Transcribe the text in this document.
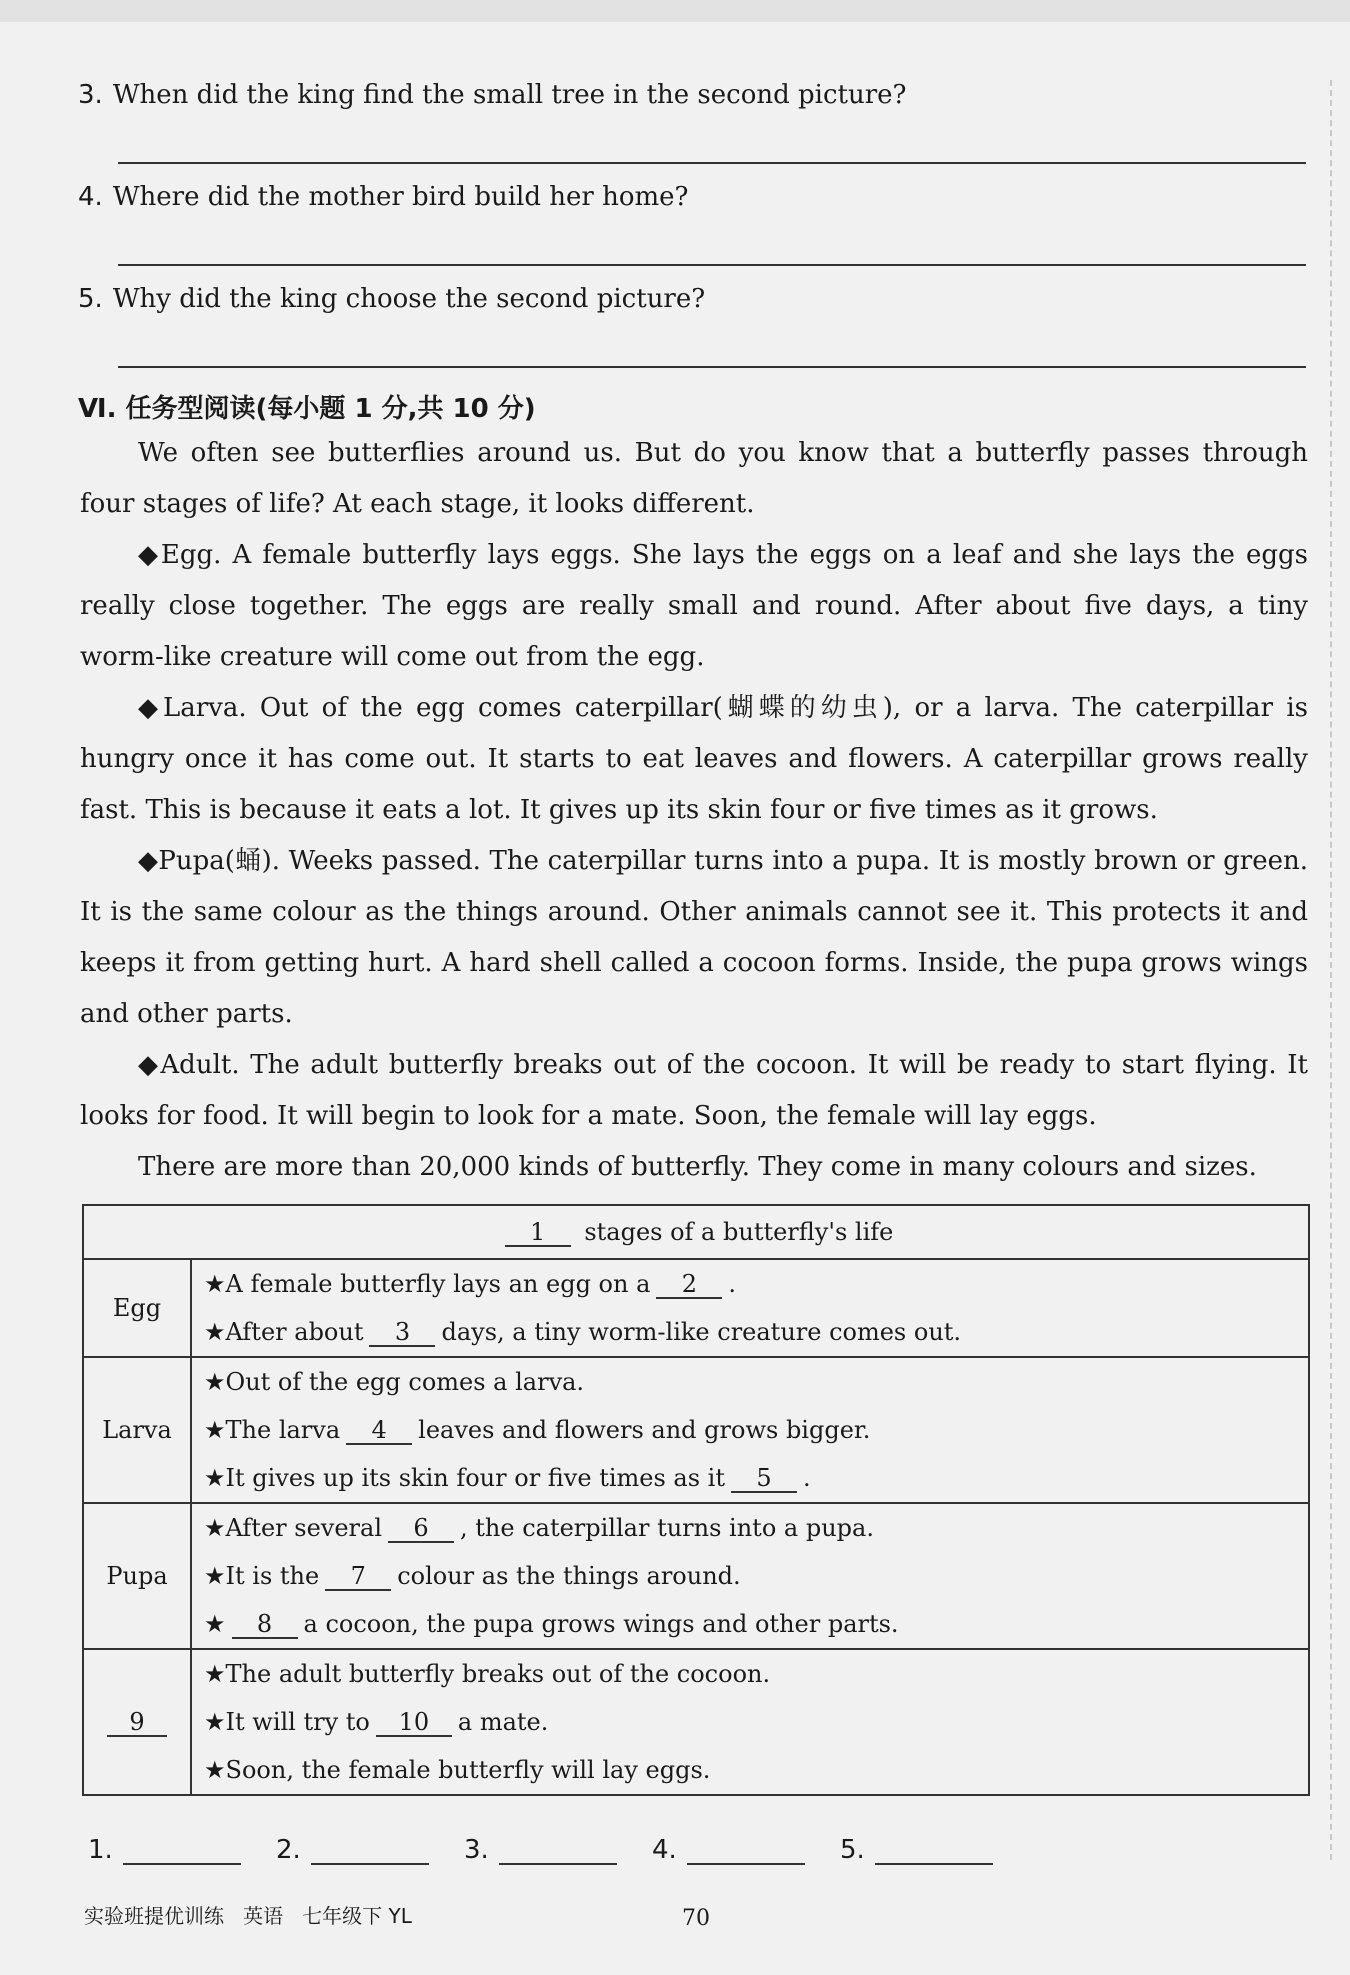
3. When did the king find the small tree in the second picture?
4. Where did the mother bird build her home?
5. Why did the king choose the second picture?
Ⅵ. 任务型阅读(每小题 1 分,共 10 分)

We often see butterflies around us. But do you know that a butterfly passes through four stages of life? At each stage, it looks different.

◆Egg. A female butterfly lays eggs. She lays the eggs on a leaf and she lays the eggs really close together. The eggs are really small and round. After about five days, a tiny worm-like creature will come out from the egg.

◆Larva. Out of the egg comes caterpillar(蝴蝶的幼虫), or a larva. The caterpillar is hungry once it has come out. It starts to eat leaves and flowers. A caterpillar grows really fast. This is because it eats a lot. It gives up its skin four or five times as it grows.

◆Pupa(蛹). Weeks passed. The caterpillar turns into a pupa. It is mostly brown or green. It is the same colour as the things around. Other animals cannot see it. This protects it and keeps it from getting hurt. A hard shell called a cocoon forms. Inside, the pupa grows wings and other parts.

◆Adult. The adult butterfly breaks out of the cocoon. It will be ready to start flying. It looks for food. It will begin to look for a mate. Soon, the female will lay eggs.

There are more than 20,000 kinds of butterfly. They come in many colours and sizes.

1 stages of a butterfly's life	
Egg	★A female butterfly lays an egg on a 2 .
★After about 3 days, a tiny worm-like creature comes out.

Larva	★Out of the egg comes a larva.
★The larva 4 leaves and flowers and grows bigger.
★It gives up its skin four or five times as it 5 .

Pupa	★After several 6 , the caterpillar turns into a pupa.
★It is the 7 colour as the things around.
★ 8 a cocoon, the pupa grows wings and other parts.

9	★The adult butterfly breaks out of the cocoon.
★It will try to 10 a mate.
★Soon, the female butterfly will lay eggs.
1.	2.	3.	4.	5.
实验班提优训练 英语 七年级下 YL	70
